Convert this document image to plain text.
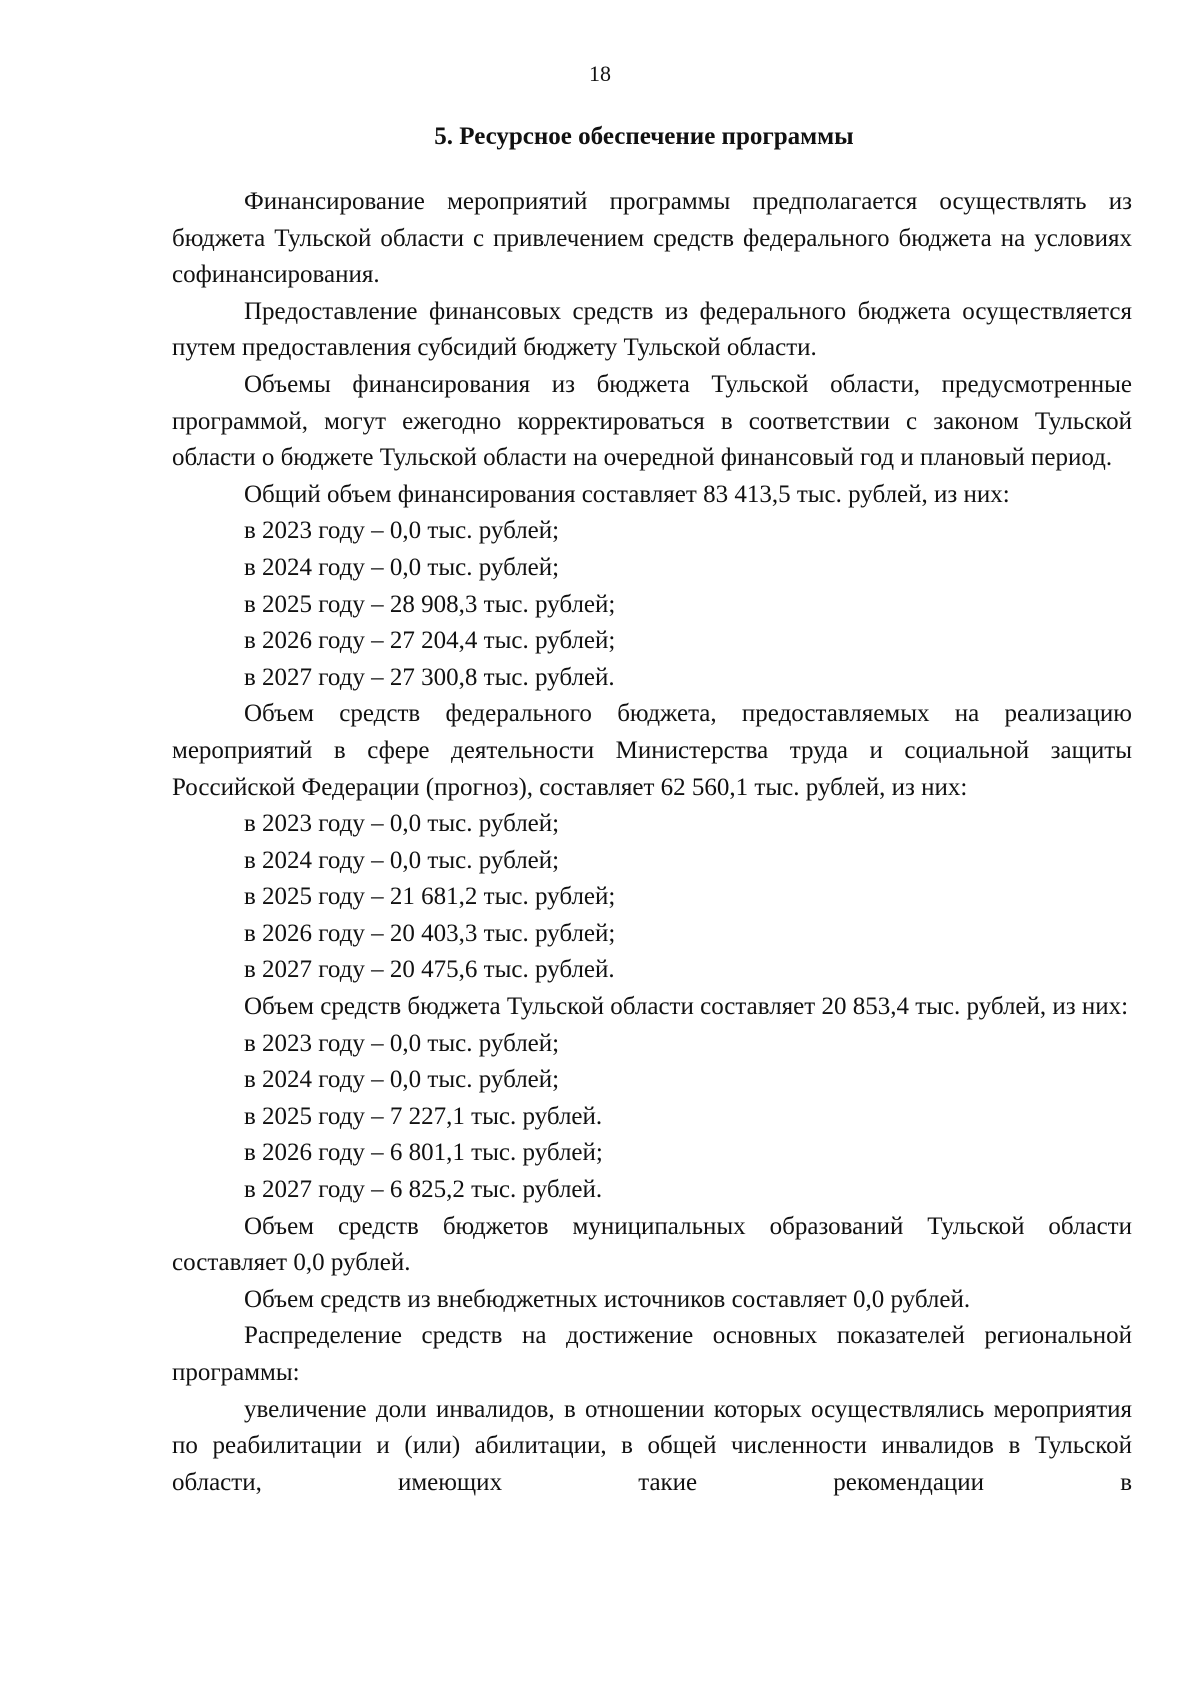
18
5. Ресурсное обеспечение программы

Финансирование мероприятий программы предполагается осуществлять из бюджета Тульской области с привлечением средств федерального бюджета на условиях софинансирования.

Предоставление финансовых средств из федерального бюджета осуществляется путем предоставления субсидий бюджету Тульской области.

Объемы финансирования из бюджета Тульской области, предусмотренные программой, могут ежегодно корректироваться в соответствии с законом Тульской области о бюджете Тульской области на очередной финансовый год и плановый период.

Общий объем финансирования составляет 83 413,5 тыс. рублей, из них:

в 2023 году – 0,0 тыс. рублей;

в 2024 году – 0,0 тыс. рублей;

в 2025 году – 28 908,3 тыс. рублей;

в 2026 году – 27 204,4 тыс. рублей;

в 2027 году – 27 300,8 тыс. рублей.

Объем средств федерального бюджета, предоставляемых на реализацию мероприятий в сфере деятельности Министерства труда и социальной защиты Российской Федерации (прогноз), составляет 62 560,1 тыс. рублей, из них:

в 2023 году – 0,0 тыс. рублей;

в 2024 году – 0,0 тыс. рублей;

в 2025 году – 21 681,2 тыс. рублей;

в 2026 году – 20 403,3 тыс. рублей;

в 2027 году – 20 475,6 тыс. рублей.

Объем средств бюджета Тульской области составляет 20 853,4 тыс. рублей, из них:

в 2023 году – 0,0 тыс. рублей;

в 2024 году – 0,0 тыс. рублей;

в 2025 году – 7 227,1 тыс. рублей.

в 2026 году – 6 801,1 тыс. рублей;

в 2027 году – 6 825,2 тыс. рублей.

Объем средств бюджетов муниципальных образований Тульской области составляет 0,0 рублей.

Объем средств из внебюджетных источников составляет 0,0 рублей.

Распределение средств на достижение основных показателей региональной программы:

увеличение доли инвалидов, в отношении которых осуществлялись мероприятия по реабилитации и (или) абилитации, в общей численности инвалидов в Тульской области, имеющих такие рекомендации в
